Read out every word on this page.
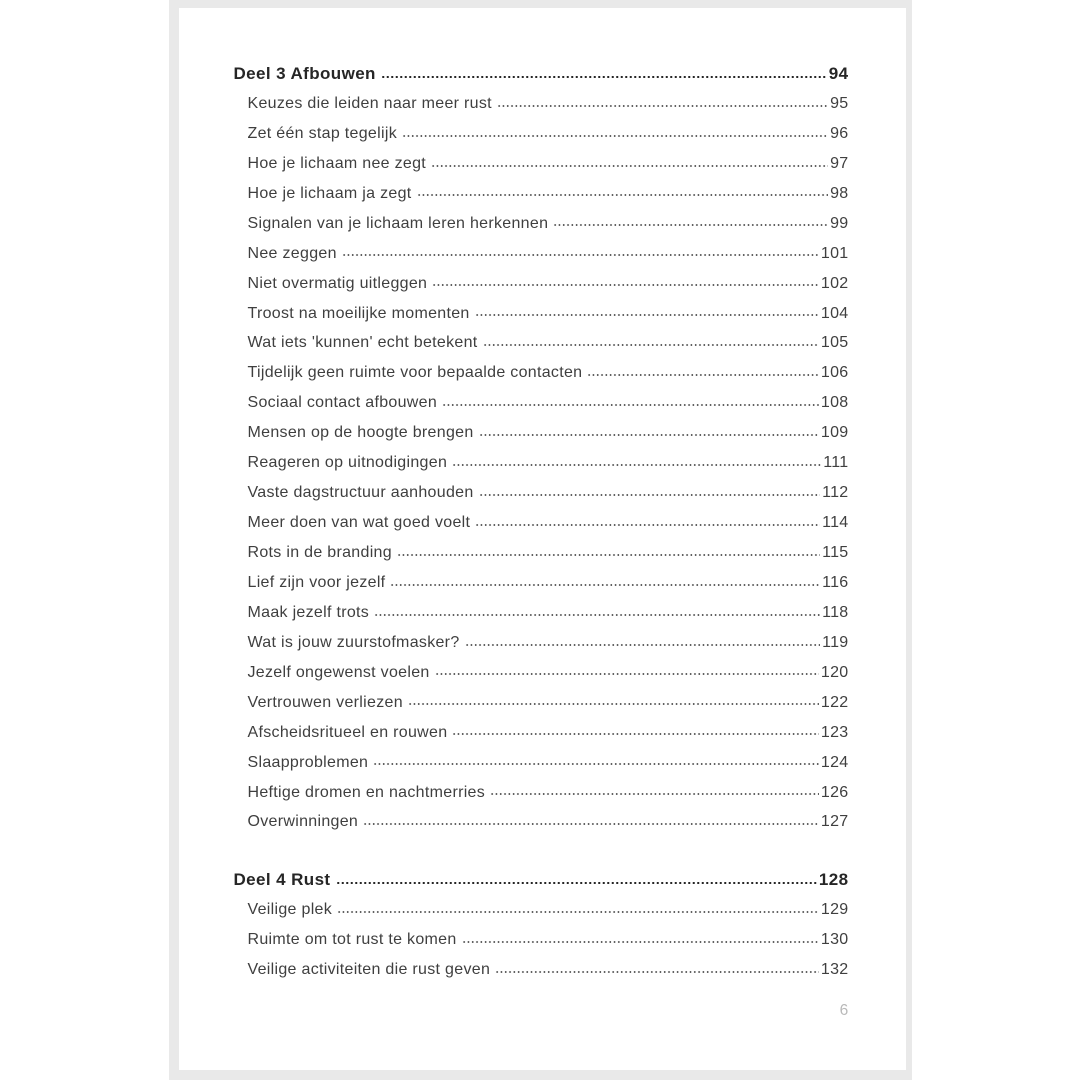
Deel 3 Afbouwen	94
Keuzes die leiden naar meer rust	95
Zet één stap tegelijk	96
Hoe je lichaam nee zegt	97
Hoe je lichaam ja zegt	98
Signalen van je lichaam leren herkennen	99
Nee zeggen	101
Niet overmatig uitleggen	102
Troost na moeilijke momenten	104
Wat iets 'kunnen' echt betekent	105
Tijdelijk geen ruimte voor bepaalde contacten	106
Sociaal contact afbouwen	108
Mensen op de hoogte brengen	109
Reageren op uitnodigingen	111
Vaste dagstructuur aanhouden	112
Meer doen van wat goed voelt	114
Rots in de branding	115
Lief zijn voor jezelf	116
Maak jezelf trots	118
Wat is jouw zuurstofmasker?	119
Jezelf ongewenst voelen	120
Vertrouwen verliezen	122
Afscheidsritueel en rouwen	123
Slaapproblemen	124
Heftige dromen en nachtmerries	126
Overwinningen	127
Deel 4 Rust	128
Veilige plek	129
Ruimte om tot rust te komen	130
Veilige activiteiten die rust geven	132
6
